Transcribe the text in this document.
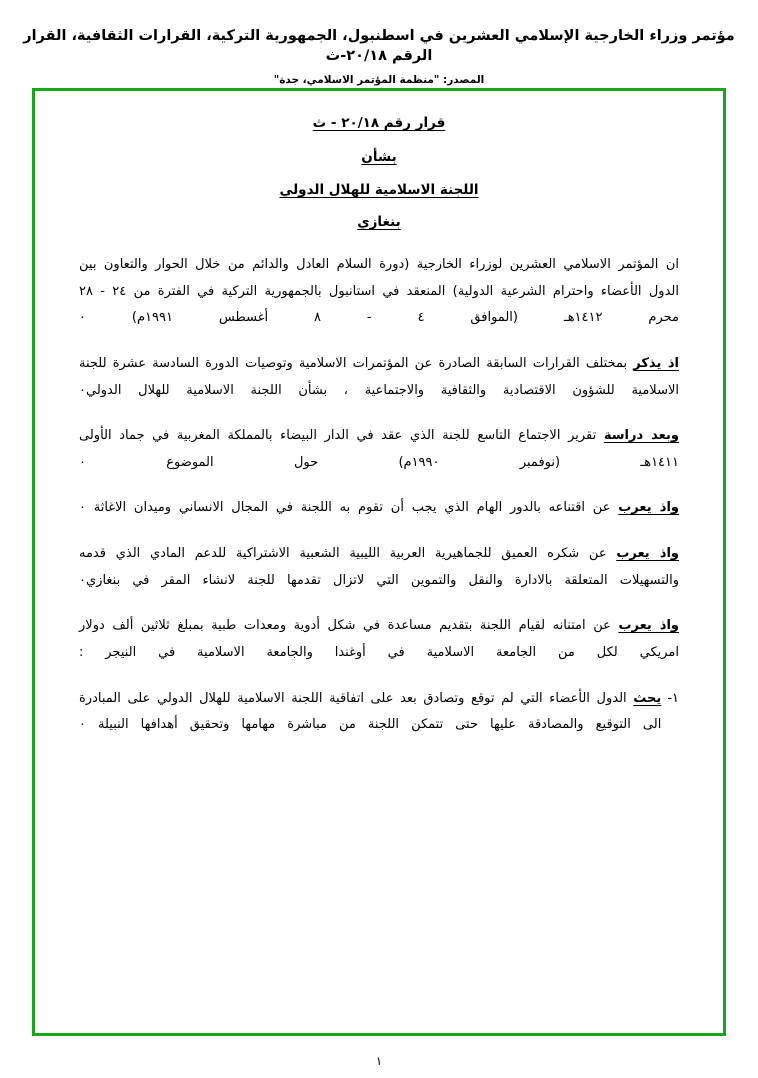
مؤتمر وزراء الخارجية الإسلامي العشرين في اسطنبول، الجمهورية التركية، القرارات الثقافية، القرار الرقم ٢٠/١٨-ث
المصدر: "منظمة المؤتمر الاسلامي، جدة"
قرار رقم ٢٠/١٨ - ث
بشأن
اللجنة الاسلامية للهلال الدولي
بنغازي

ان المؤتمر الاسلامي العشرين لوزراء الخارجية (دورة السلام العادل والدائم من خلال الحوار والتعاون بين الدول الأعضاء واحترام الشرعية الدولية) المنعقد في استانبول بالجمهورية التركية في الفترة من ٢٤ - ٢٨ محرم ١٤١٢هـ (الموافق ٤ - ٨ أغسطس ١٩٩١م) ٠

اذ يذكر بمختلف القرارات السابقة الصادرة عن المؤتمرات الاسلامية وتوصيات الدورة السادسة عشرة للجنة الاسلامية للشؤون الاقتصادية والثقافية والاجتماعية ، بشأن اللجنة الاسلامية للهلال الدولي٠

وبعد دراسة تقرير الاجتماع التاسع للجنة الذي عقد في الدار البيضاء بالمملكة المغربية في جماد الأولى ١٤١١هـ (نوفمبر ١٩٩٠م) حول الموضوع ٠

واذ يعرب عن اقتناعه بالدور الهام الذي يجب أن تقوم به اللجنة في المجال الانساني وميدان الاغاثة ٠

واذ يعرب عن شكره العميق للجماهيرية العربية الليبية الشعبية الاشتراكية للدعم المادي الذي قدمه والتسهيلات المتعلقة بالادارة والنقل والتموين التي لاتزال تقدمها للجنة لانشاء المقر في بنغازي٠

واذ يعرب عن امتنانه لقيام اللجنة بتقديم مساعدة في شكل أدوية ومعدات طبية بمبلغ ثلاثين ألف دولار امريكي لكل من الجامعة الاسلامية في أوغندا والجامعة الاسلامية في النيجر :

١-

يحث الدول الأعضاء التي لم توقع وتصادق بعد على اتفاقية اللجنة الاسلامية للهلال الدولي على المبادرة الى التوقيع والمصادقة عليها حتى تتمكن اللجنة من مباشرة مهامها وتحقيق أهدافها النبيلة ٠

١
